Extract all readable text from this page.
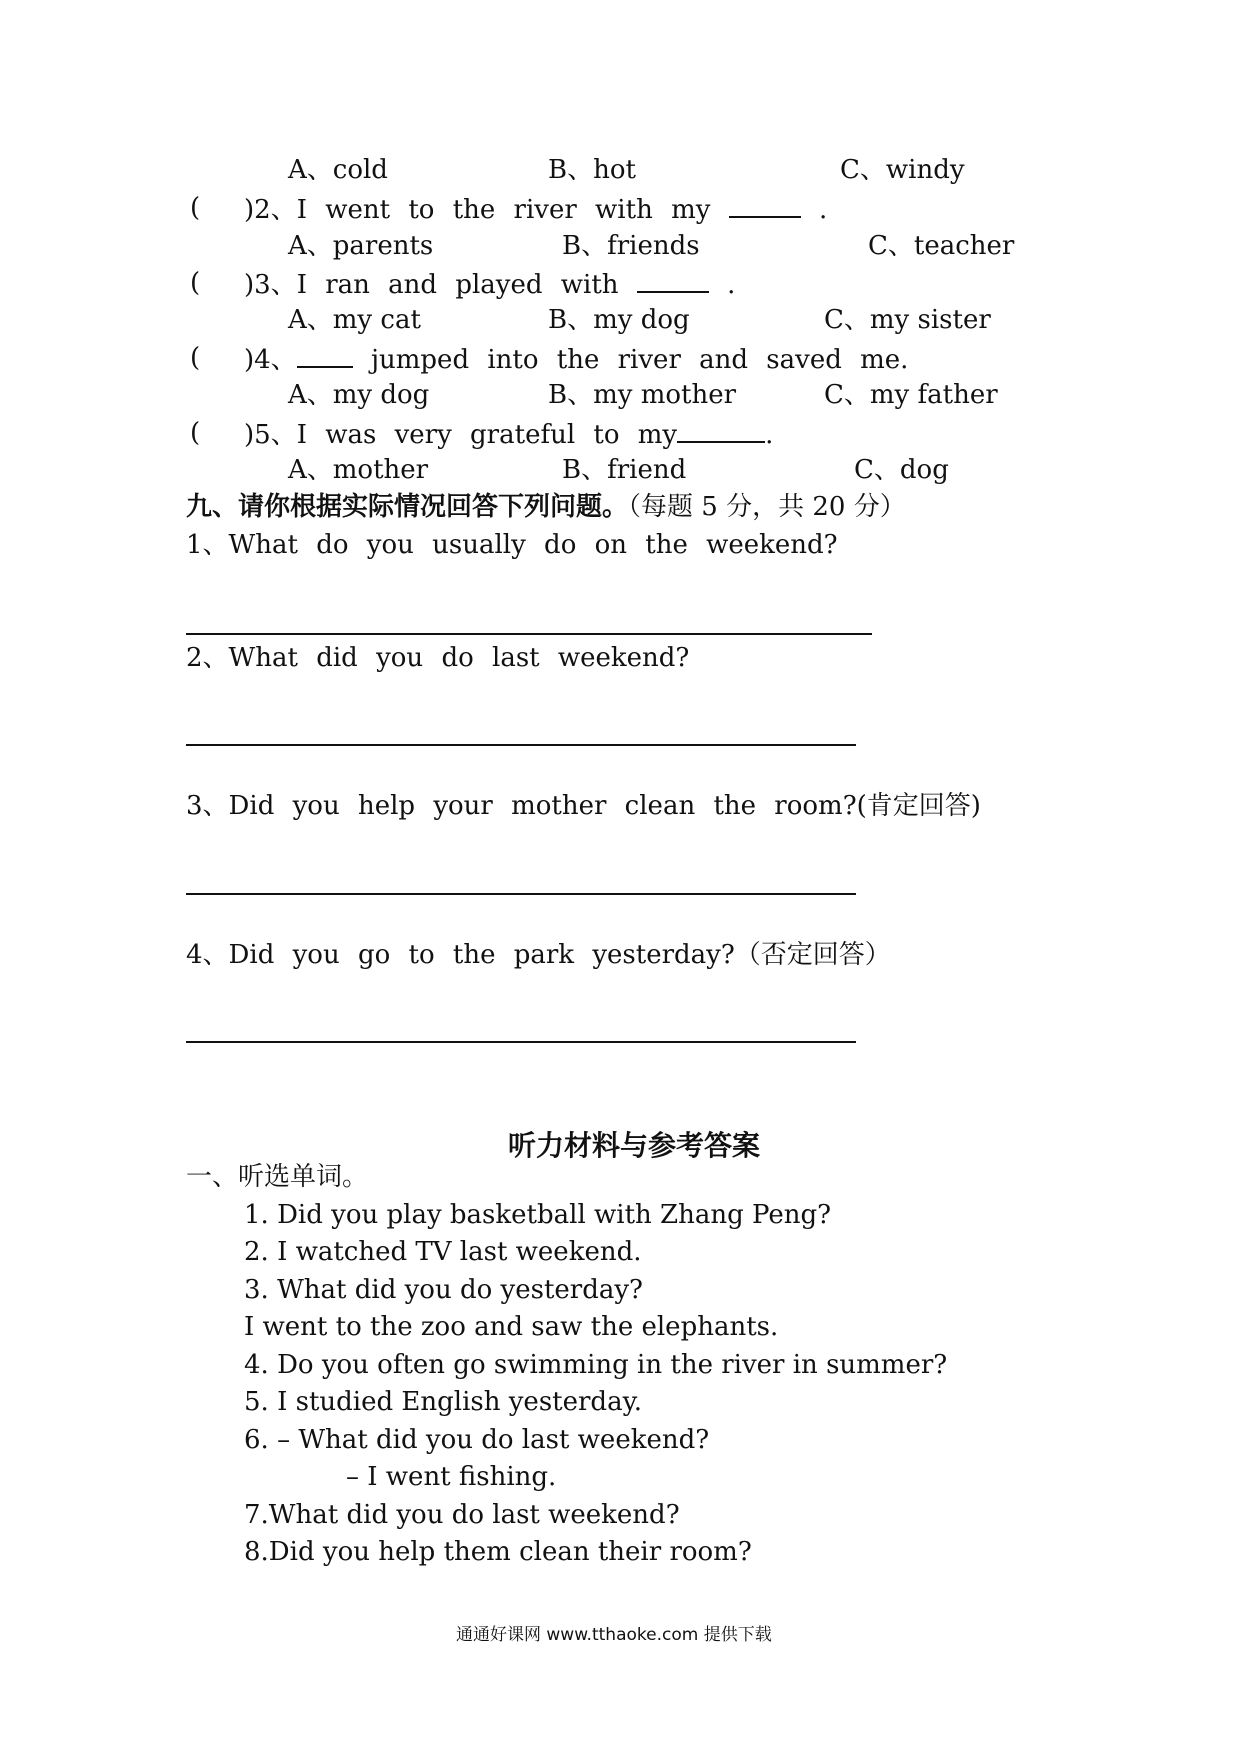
A、cold	B、hot	C、windy
( )2、I went to the river with my	.
A、parents	B、friends	C、teacher
( )3、I ran and played with	.
A、my cat	B、my dog	C、my sister
( )4、	jumped into the river and saved me.
A、my dog	B、my mother	C、my father
( )5、I was very grateful to my	.
A、mother	B、friend	C、dog
九、请你根据实际情况回答下列问题。（每题 5 分，共 20 分）
1、What do you usually do on the weekend?
2、What did you do last weekend?
3、Did you help your mother clean the room?(肯定回答)
4、Did you go to the park yesterday?（否定回答）
听力材料与参考答案
一、听选单词。
1. Did you play basketball with Zhang Peng?
2. I watched TV last weekend.
3. What did you do yesterday?
I went to the zoo and saw the elephants.
4. Do you often go swimming in the river in summer?
5. I studied English yesterday.
6. – What did you do last weekend?
– I went fishing.
7.What did you do last weekend?
8.Did you help them clean their room?
通通好课网 www.tthaoke.com 提供下载
